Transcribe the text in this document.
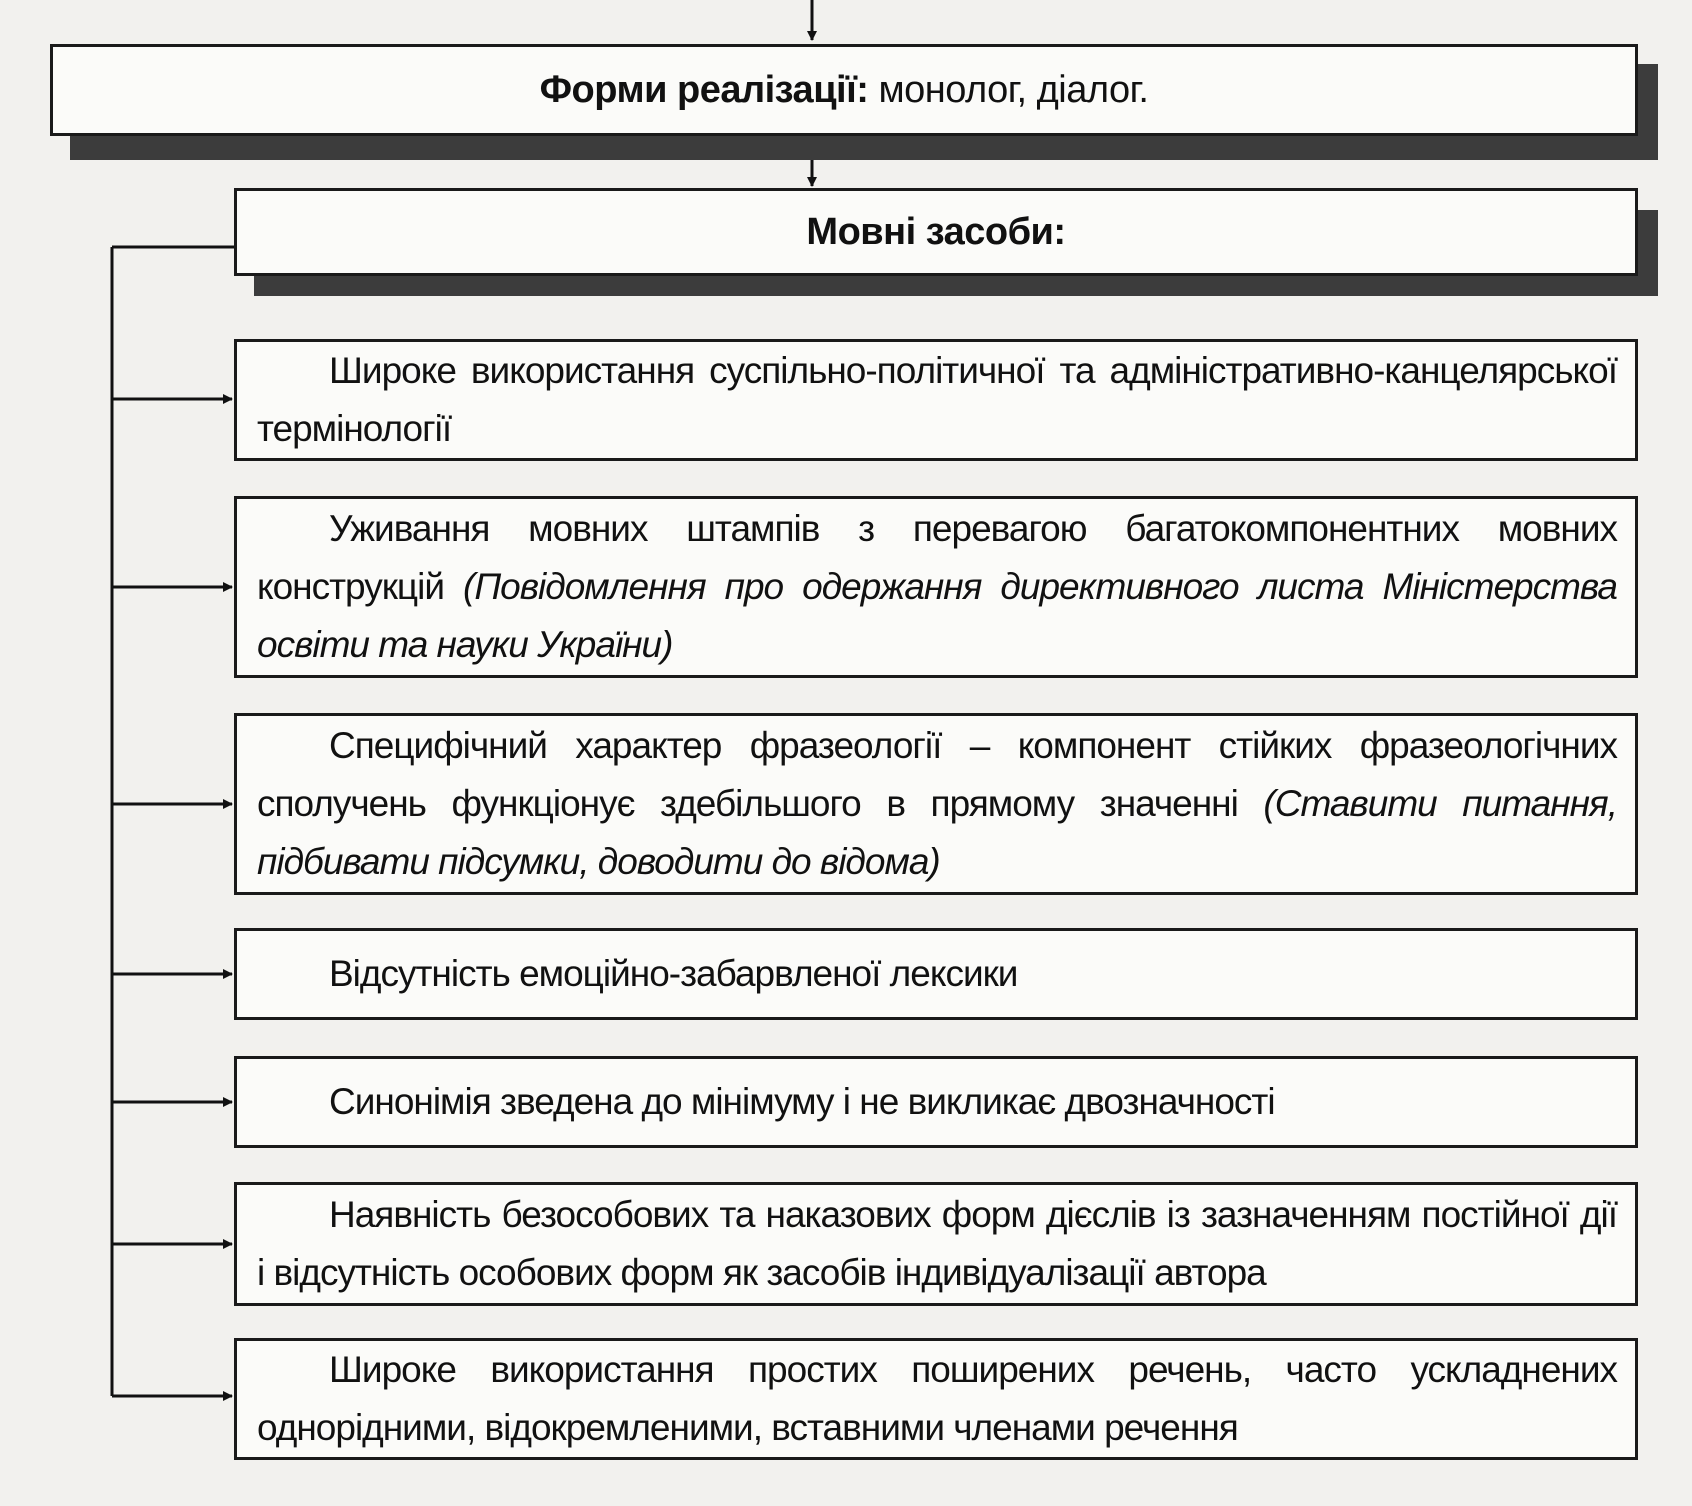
Форми реалізації:
монолог, діалог.
Мовні засоби:

Широке використання суспільно-політичної та адміністративно-канцелярської термінології

Уживання мовних штампів з перевагою багатокомпонентних мовних конструкцій (Повідомлення про одержання директивного листа Міністерства освіти та науки України)

Специфічний характер фразеології – компонент стійких фразеологічних сполучень функціонує здебільшого в прямому значенні (Ставити питання, підбивати підсумки, доводити до відома)

Відсутність емоційно-забарвленої лексики

Синонімія зведена до мінімуму і не викликає двозначності

Наявність безособових та наказових форм дієслів із зазначенням постійної дії і відсутність особових форм як засобів індивідуалізації автора

Широке використання простих поширених речень, часто ускладнених однорідними, відокремленими, вставними членами речення
